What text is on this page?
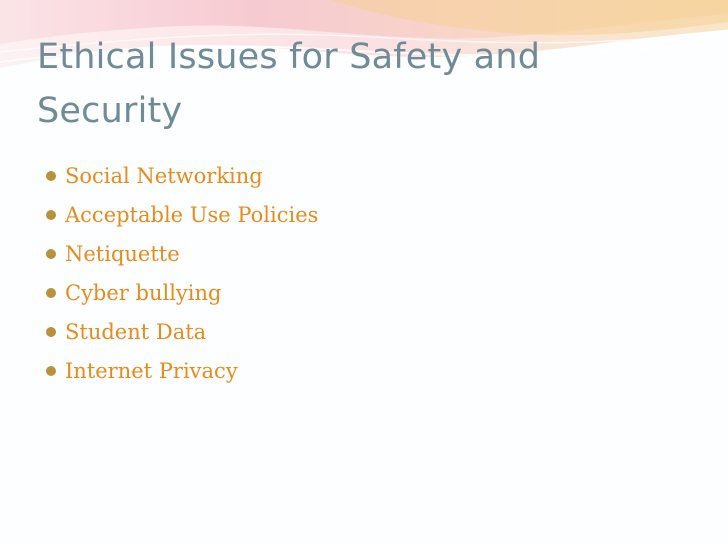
Ethical Issues for Safety and Security
Social Networking
Acceptable Use Policies
Netiquette
Cyber bullying
Student Data
Internet Privacy
